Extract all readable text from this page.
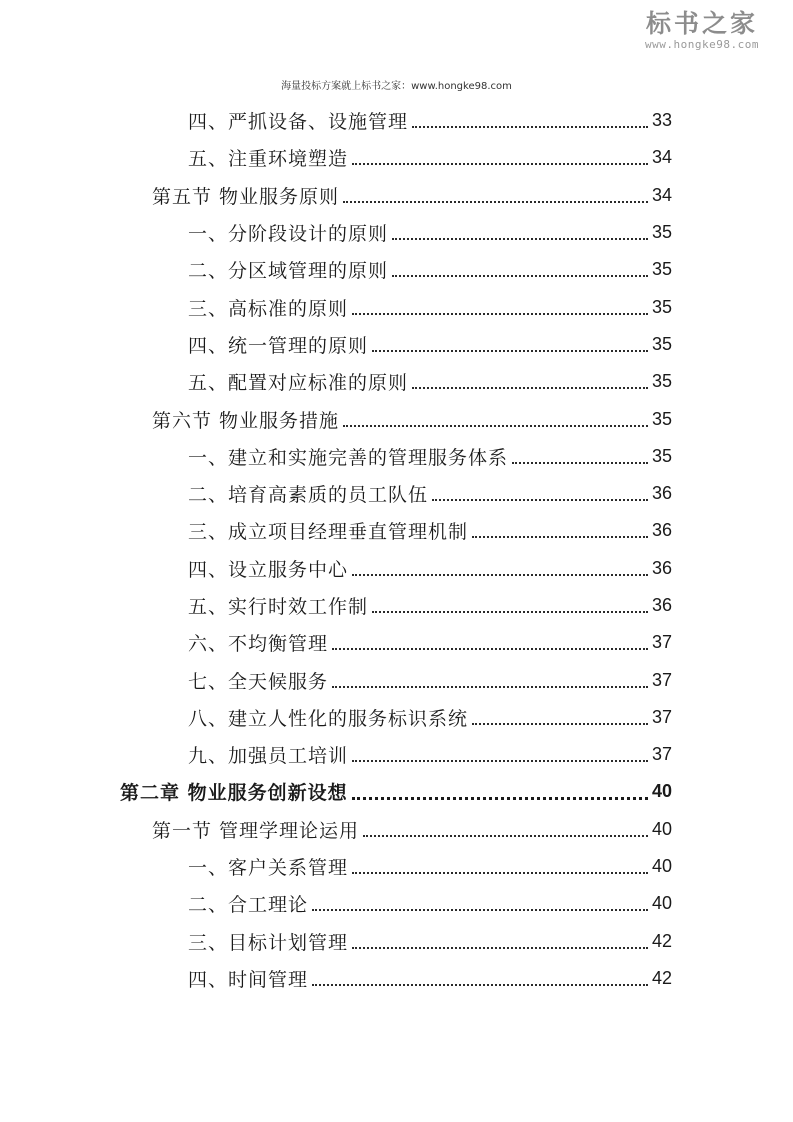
标书之家
www.hongke98.com
海量投标方案就上标书之家：www.hongke98.com
四、严抓设备、设施管理	33
五、注重环境塑造	34
第五节 物业服务原则	34
一、分阶段设计的原则	35
二、分区域管理的原则	35
三、高标准的原则	35
四、统一管理的原则	35
五、配置对应标准的原则	35
第六节 物业服务措施	35
一、建立和实施完善的管理服务体系	35
二、培育高素质的员工队伍	36
三、成立项目经理垂直管理机制	36
四、设立服务中心	36
五、实行时效工作制	36
六、不均衡管理	37
七、全天候服务	37
八、建立人性化的服务标识系统	37
九、加强员工培训	37
第二章 物业服务创新设想	40
第一节 管理学理论运用	40
一、客户关系管理	40
二、合工理论	40
三、目标计划管理	42
四、时间管理	42
